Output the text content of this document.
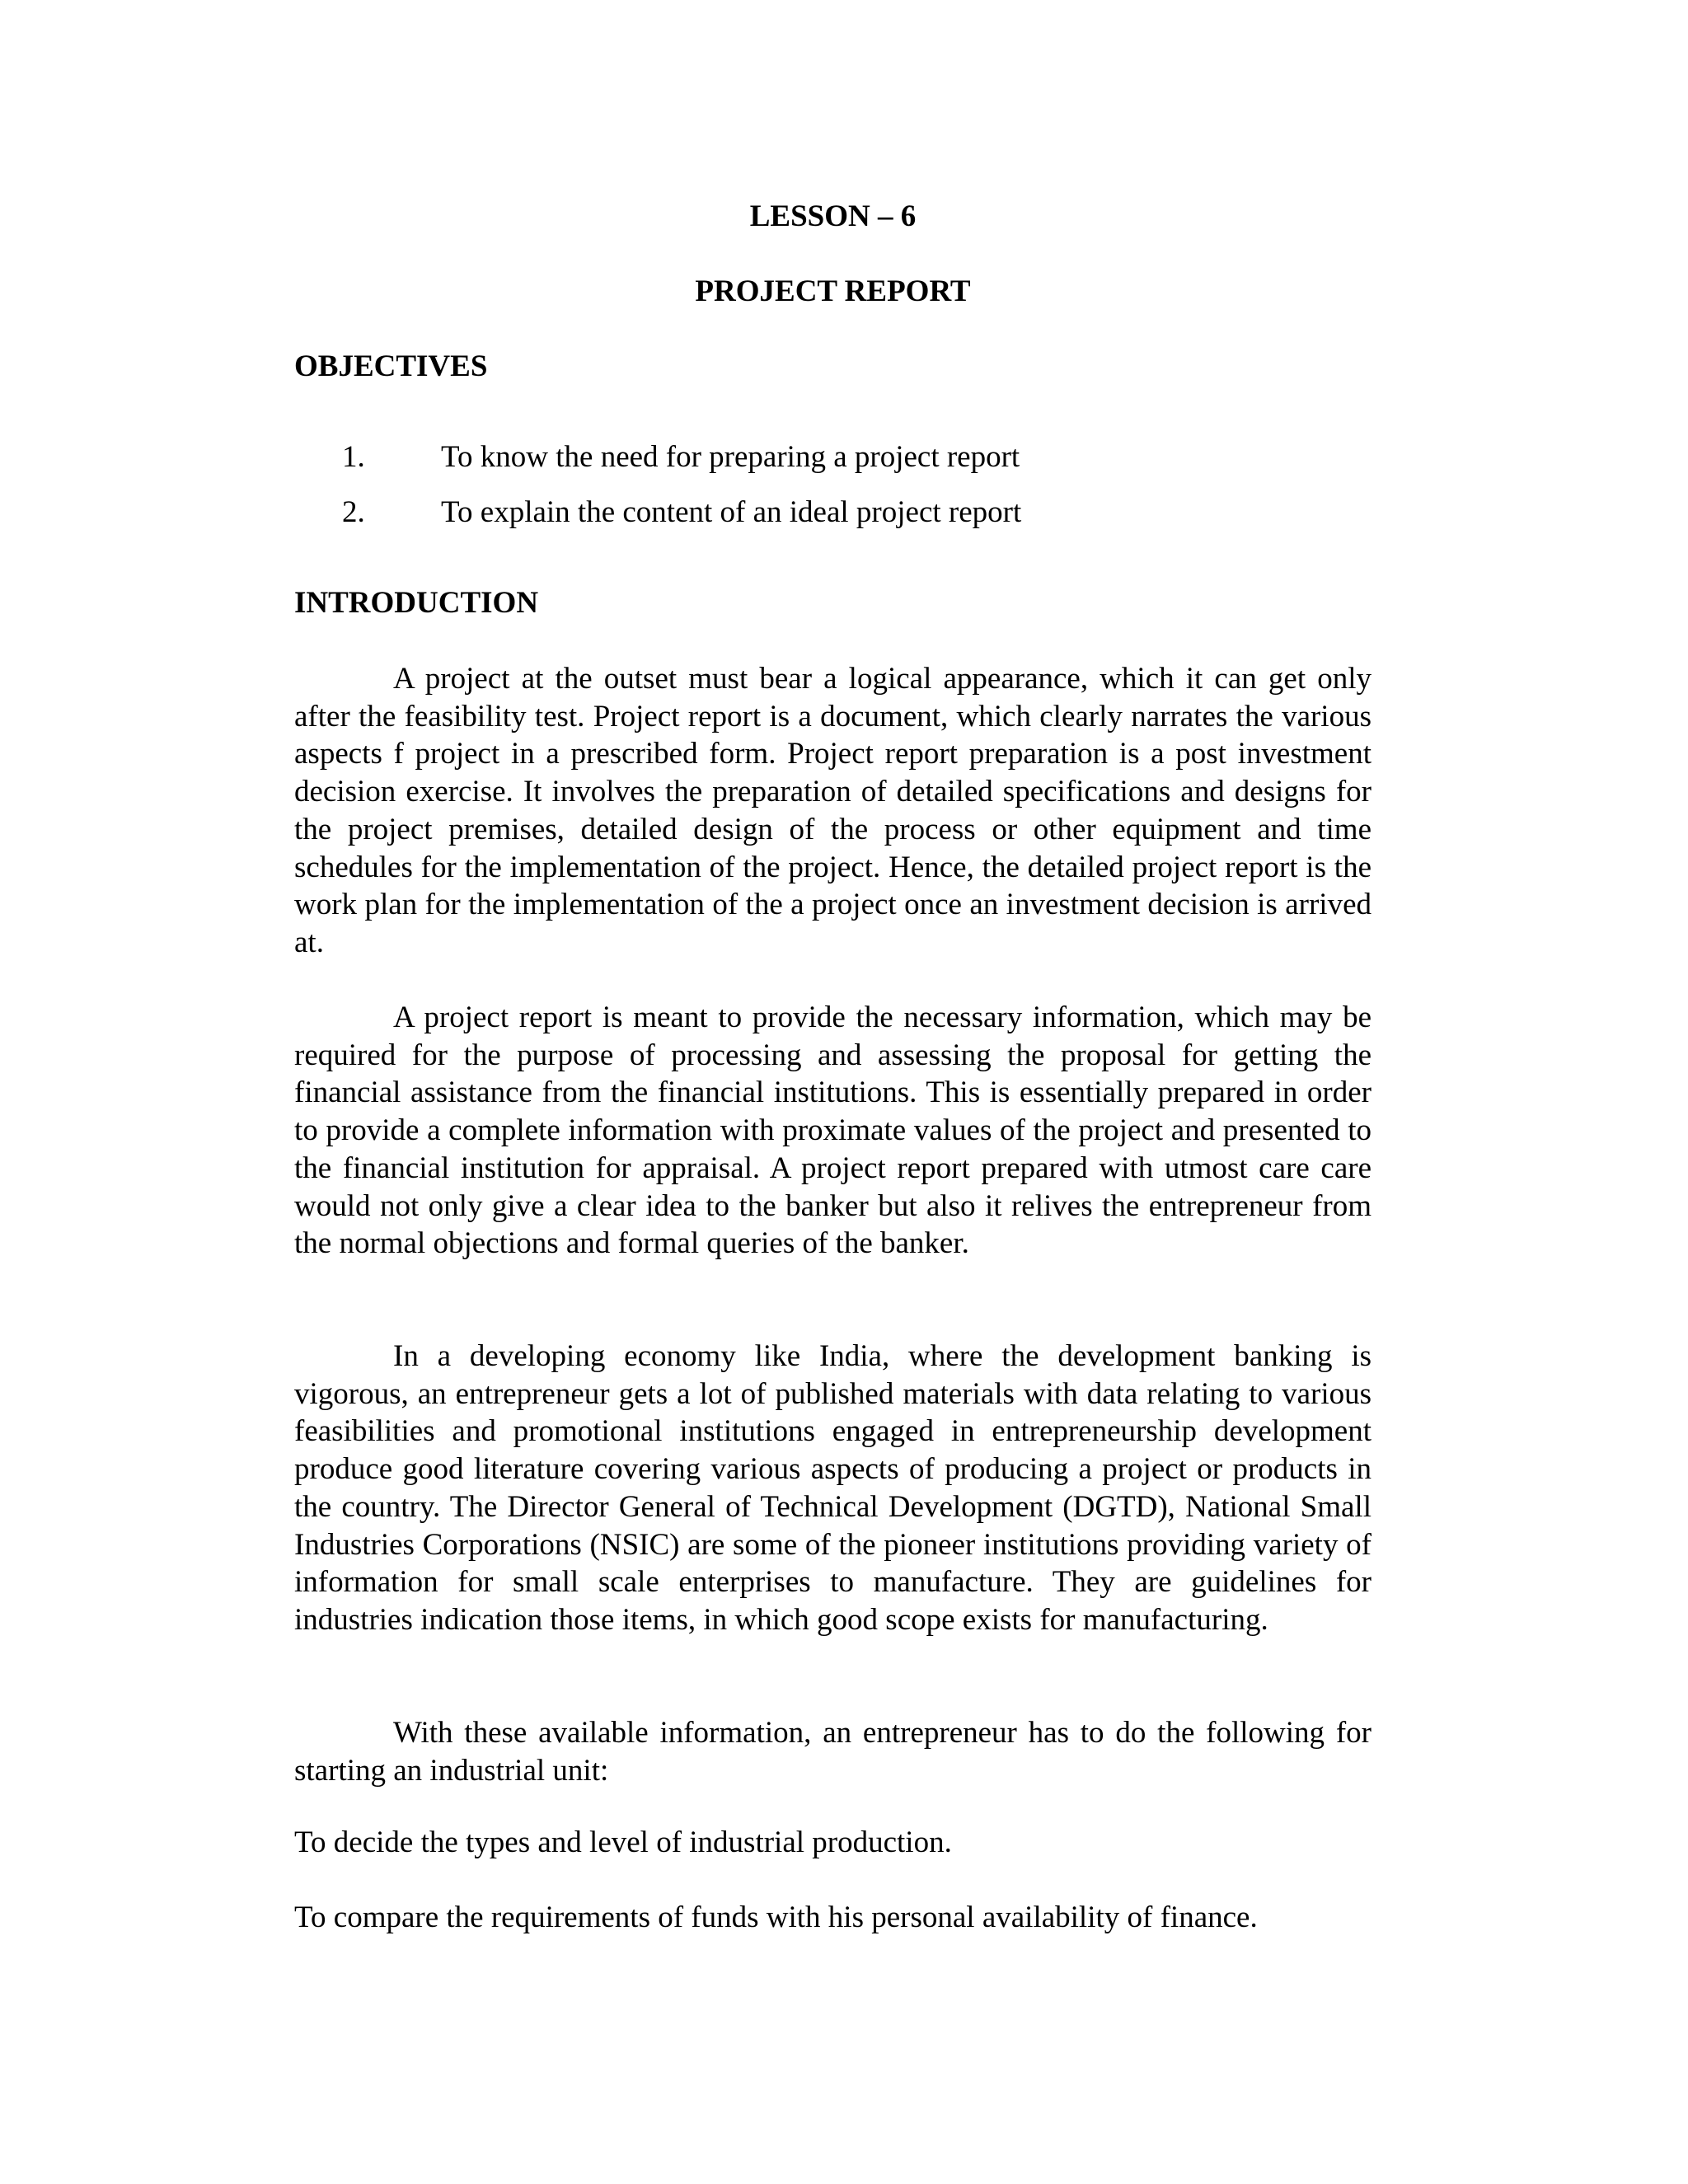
LESSON – 6
PROJECT REPORT
OBJECTIVES
1. To know the need for preparing a project report
2. To explain the content of an ideal project report
INTRODUCTION

A project at the outset must bear a logical appearance, which it can get only after the feasibility test. Project report is a document, which clearly narrates the various aspects f project in a prescribed form. Project report preparation is a post investment decision exercise. It involves the preparation of detailed specifications and designs for the project premises, detailed design of the process or other equipment and time schedules for the implementation of the project. Hence, the detailed project report is the work plan for the implementation of the a project once an investment decision is arrived at.

A project report is meant to provide the necessary information, which may be required for the purpose of processing and assessing the proposal for getting the financial assistance from the financial institutions. This is essentially prepared in order to provide a complete information with proximate values of the project and presented to the financial institution for appraisal. A project report prepared with utmost care care would not only give a clear idea to the banker but also it relives the entrepreneur from the normal objections and formal queries of the banker.

In a developing economy like India, where the development banking is vigorous, an entrepreneur gets a lot of published materials with data relating to various feasibilities and promotional institutions engaged in entrepreneurship development produce good literature covering various aspects of producing a project or products in the country. The Director General of Technical Development (DGTD), National Small Industries Corporations (NSIC) are some of the pioneer institutions providing variety of information for small scale enterprises to manufacture. They are guidelines for industries indication those items, in which good scope exists for manufacturing.

With these available information, an entrepreneur has to do the following for starting an industrial unit:

To decide the types and level of industrial production.

To compare the requirements of funds with his personal availability of finance.
